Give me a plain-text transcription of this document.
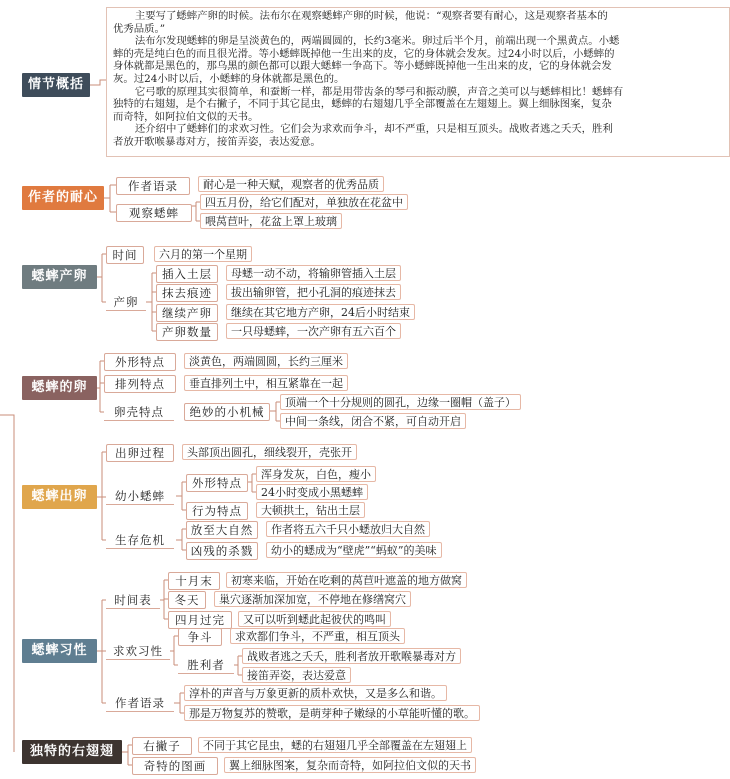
情节概括

主要写了蟋蟀产卵的时候。法布尔在观察蟋蟀产卵的时候，他说：“观察者要有耐心，这是观察者基本的

优秀品质。”

法布尔发现蟋蟀的卵是呈淡黄色的，两端圆圆的，长约3毫米。卵过后半个月，前端出现一个黑黄点。小蟋

蟀的壳是纯白色的而且很光滑。等小蟋蟀既掉他一生出来的皮，它的身体就会发灰。过24小时以后，小蟋蟀的

身体就都是黑色的，那乌黑的颜色都可以跟大蟋蟀一争高下。等小蟋蟀既掉他一生出来的皮，它的身体就会发

灰。过24小时以后，小蟋蟀的身体就都是黑色的。

它弓歌的原理其实很简单，和蚕断一样，都是用带齿条的琴弓和振动膜，声音之美可以与蟋蟀相比！蟋蟀有

独特的右翅翅，是个右撇子，不同于其它昆虫，蟋蟀的右翅翅几乎全部覆盖在左翅翅上。翼上细脉图案，复杂

而奇特，如阿拉伯文似的天书。

还介绍中了蟋蟀们的求欢习性。它们会为求欢而争斗，却不严重，只是相互顶头。战败者逃之夭夭，胜利

者放开歌喉暴毒对方，接笛弄姿，表达爱意。

作者的耐心
作者语录	耐心是一种天赋，观察者的优秀品质
观察蟋蟀
四五月份，给它们配对，单独放在花盆中
喂莴苣叶，花盆上罩上玻璃
蟋蟀产卵
时间	六月的第一个星期
产卵
插入土层	母蟋一动不动，将输卵管插入土层
抹去痕迹	拔出输卵管，把小孔洞的痕迹抹去
继续产卵	继续在其它地方产卵，24后小时结束
产卵数量	一只母蟋蟀，一次产卵有五六百个
蟋蟀的卵
外形特点	淡黄色，两端圆圆，长约三厘米
排列特点	垂直排列土中，相互紧靠在一起
卵壳特点	绝妙的小机械
顶端一个十分规则的圆孔，边缘一圈帽（盖子）
中间一条线，闭合不紧，可自动开启
蟋蟀出卵
出卵过程	头部顶出圆孔，细线裂开，壳张开
幼小蟋蟀
外形特点
浑身发灰，白色，瘦小
24小时变成小黑蟋蟀
行为特点	大顿拱土，钻出土层
生存危机
放至大自然	作者将五六千只小蟋放归大自然
凶残的杀戮	幼小的蟋成为“壁虎”“蚂蚁”的美味
蟋蟀习性
时间表
十月末	初寒来临，开始在吃剩的莴苣叶遮盖的地方做窝
冬天	巢穴逐渐加深加宽，不停地在修缮窝穴
四月过完	又可以听到蟋此起彼伏的鸣叫
求欢习性
争斗	求欢都们争斗，不严重，相互顶头
胜利者
战败者逃之夭夭，胜利者放开歌喉暴毒对方
接笛弄姿，表达爱意
作者语录
淳朴的声音与万象更新的质朴欢快，又是多么和谐。
那是万物复苏的赞歌，是萌芽种子嫩绿的小草能听懂的歌。
独特的右翅翅	右撇子	不同于其它昆虫，蟋的右翅翅几乎全部覆盖在左翅翅上
奇特的图画	翼上细脉图案，复杂而奇特，如阿拉伯文似的天书
